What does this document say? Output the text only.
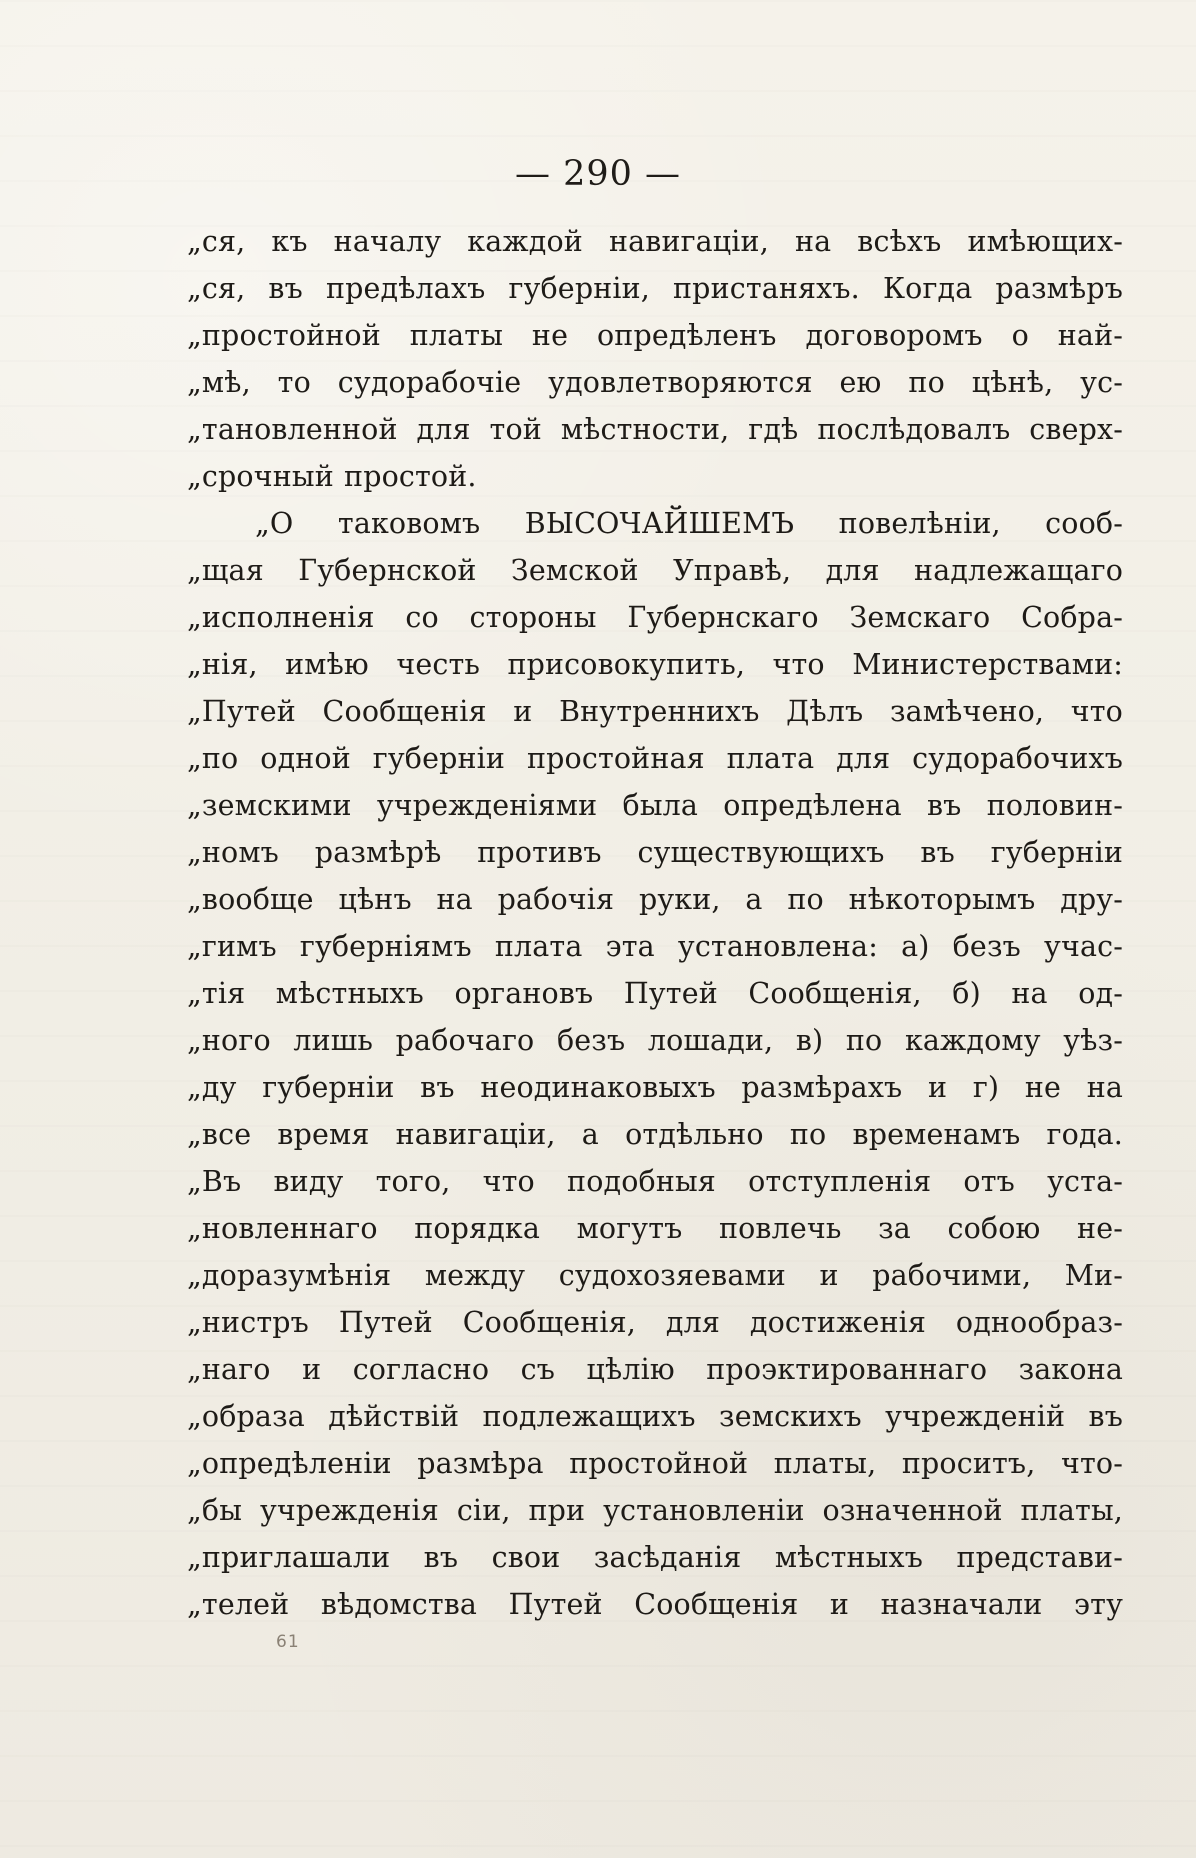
— 290 —
„ся, къ началу каждой навигаціи, на всѣхъ имѣющих-
„ся, въ предѣлахъ губерніи, пристаняхъ. Когда размѣръ
„простойной платы не опредѣленъ договоромъ о най-
„мѣ, то судорабочіе удовлетворяются ею по цѣнѣ, ус-
„тановленной для той мѣстности, гдѣ послѣдовалъ сверх-
„срочный простой.
„О таковомъ ВЫСОЧАЙШЕМЪ повелѣніи, сооб-
„щая Губернской Земской Управѣ, для надлежащаго
„исполненія со стороны Губернскаго Земскаго Собра-
„нія, имѣю честь присовокупить, что Министерствами:
„Путей Сообщенія и Внутреннихъ Дѣлъ замѣчено, что
„по одной губерніи простойная плата для судорабочихъ
„земскими учрежденіями была опредѣлена въ половин-
„номъ размѣрѣ противъ существующихъ въ губерніи
„вообще цѣнъ на рабочія руки, а по нѣкоторымъ дру-
„гимъ губерніямъ плата эта установлена: а) безъ учас-
„тія мѣстныхъ органовъ Путей Сообщенія, б) на од-
„ного лишь рабочаго безъ лошади, в) по каждому уѣз-
„ду губерніи въ неодинаковыхъ размѣрахъ и г) не на
„все время навигаціи, а отдѣльно по временамъ года.
„Въ виду того, что подобныя отступленія отъ уста-
„новленнаго порядка могутъ повлечь за собою не-
„доразумѣнія между судохозяевами и рабочими, Ми-
„нистръ Путей Сообщенія, для достиженія однообраз-
„наго и согласно съ цѣлію проэктированнаго закона
„образа дѣйствій подлежащихъ земскихъ учрежденій въ
„опредѣленіи размѣра простойной платы, проситъ, что-
„бы учрежденія сіи, при установленіи означенной платы,
„приглашали въ свои засѣданія мѣстныхъ представи-
„телей вѣдомства Путей Сообщенія и назначали эту
61
